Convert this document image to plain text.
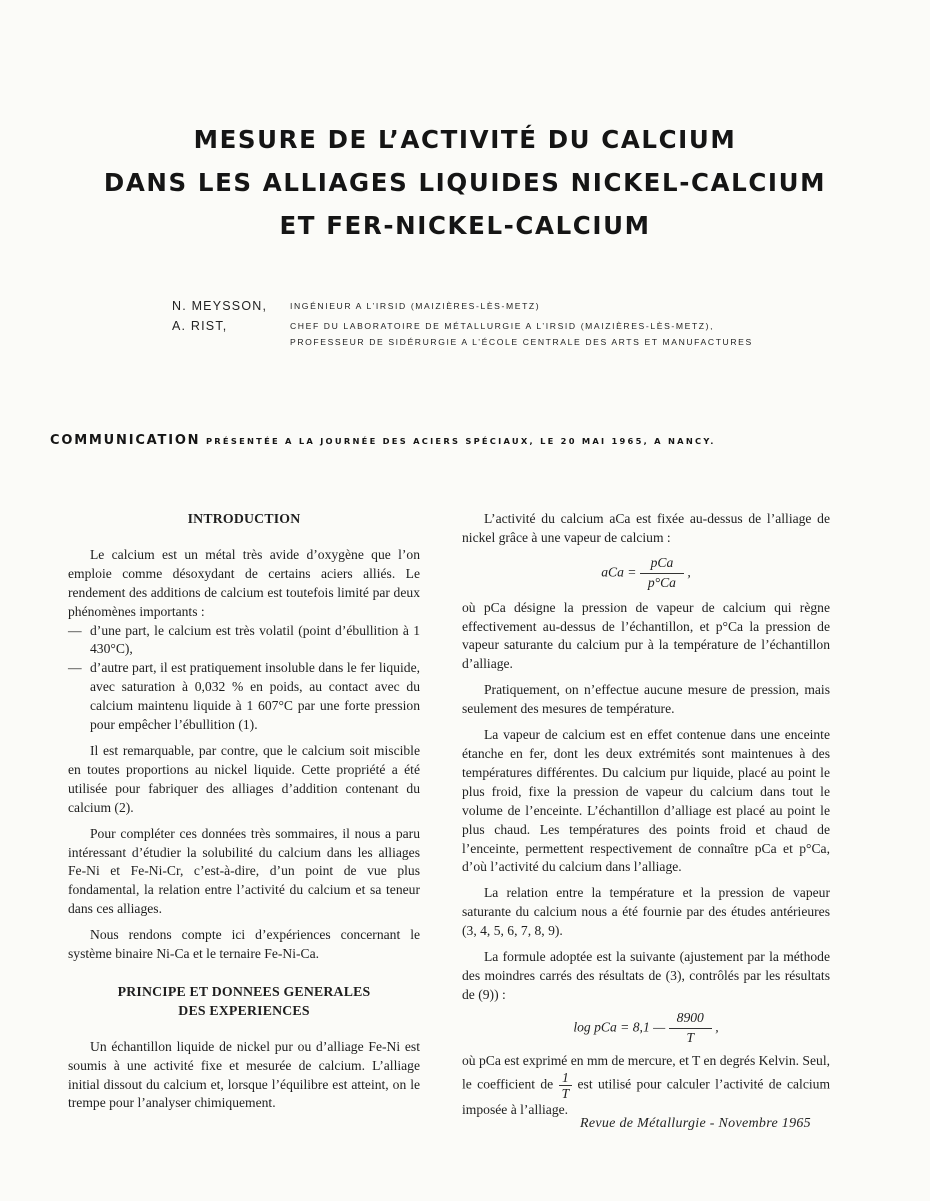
MESURE DE L’ACTIVITÉ DU CALCIUM
DANS LES ALLIAGES LIQUIDES NICKEL-CALCIUM
ET FER-NICKEL-CALCIUM
N. MEYSSON,	INGÉNIEUR A L’IRSID (MAIZIÈRES-LÈS-METZ)
A. RIST,	CHEF DU LABORATOIRE DE MÉTALLURGIE A L’IRSID (MAIZIÈRES-LÈS-METZ),
PROFESSEUR DE SIDÉRURGIE A L’ÉCOLE CENTRALE DES ARTS ET MANUFACTURES
COMMUNICATION PRÉSENTÉE A LA JOURNÉE DES ACIERS SPÉCIAUX, LE 20 MAI 1965, A NANCY.
INTRODUCTION

Le calcium est un métal très avide d’oxygène que l’on emploie comme désoxydant de certains aciers alliés. Le rendement des additions de calcium est toutefois limité par deux phénomènes importants :

— d’une part, le calcium est très volatil (point d’ébullition à 1 430°C),
— d’autre part, il est pratiquement insoluble dans le fer liquide, avec saturation à 0,032 % en poids, au contact avec du calcium maintenu liquide à 1 607°C par une forte pression pour empêcher l’ébullition (1).

Il est remarquable, par contre, que le calcium soit miscible en toutes proportions au nickel liquide. Cette propriété a été utilisée pour fabriquer des alliages d’addition contenant du calcium (2).

Pour compléter ces données très sommaires, il nous a paru intéressant d’étudier la solubilité du calcium dans les alliages Fe-Ni et Fe-Ni-Cr, c’est-à-dire, d’un point de vue plus fondamental, la relation entre l’activité du calcium et sa teneur dans ces alliages.

Nous rendons compte ici d’expériences concernant le système binaire Ni-Ca et le ternaire Fe-Ni-Ca.

PRINCIPE ET DONNEES GENERALES
DES EXPERIENCES

Un échantillon liquide de nickel pur ou d’alliage Fe-Ni est soumis à une activité fixe et mesurée de calcium. L’alliage initial dissout du calcium et, lorsque l’équilibre est atteint, on le trempe pour l’analyser chimiquement.

L’activité du calcium aCa est fixée au-dessus de l’alliage de nickel grâce à une vapeur de calcium :

aCa = $\frac{\text{pCa}}{p^\circ Ca}$ ,

où pCa désigne la pression de vapeur de calcium qui règne effectivement au-dessus de l’échantillon, et p°Ca la pression de vapeur saturante du calcium pur à la température de l’échantillon d’alliage.

Pratiquement, on n’effectue aucune mesure de pression, mais seulement des mesures de température.

La vapeur de calcium est en effet contenue dans une enceinte étanche en fer, dont les deux extrémités sont maintenues à des températures différentes. Du calcium pur liquide, placé au point le plus froid, fixe la pression de vapeur du calcium dans tout le volume de l’enceinte. L’échantillon d’alliage est placé au point le plus chaud. Les températures des points froid et chaud de l’enceinte, permettent respectivement de connaître pCa et p°Ca, d’où l’activité du calcium dans l’alliage.

La relation entre la température et la pression de vapeur saturante du calcium nous a été fournie par des études antérieures (3, 4, 5, 6, 7, 8, 9).

La formule adoptée est la suivante (ajustement par la méthode des moindres carrés des résultats de (3), contrôlés par les résultats de (9)) :

log pCa = 8,1 — $\frac{8900}{T}$ ,

où pCa est exprimé en mm de mercure, et T en degrés Kelvin. Seul, le coefficient de $\frac{1}{T}$ est utilisé pour calculer l’activité de calcium imposée à l’alliage.

Revue de Métallurgie - Novembre 1965
